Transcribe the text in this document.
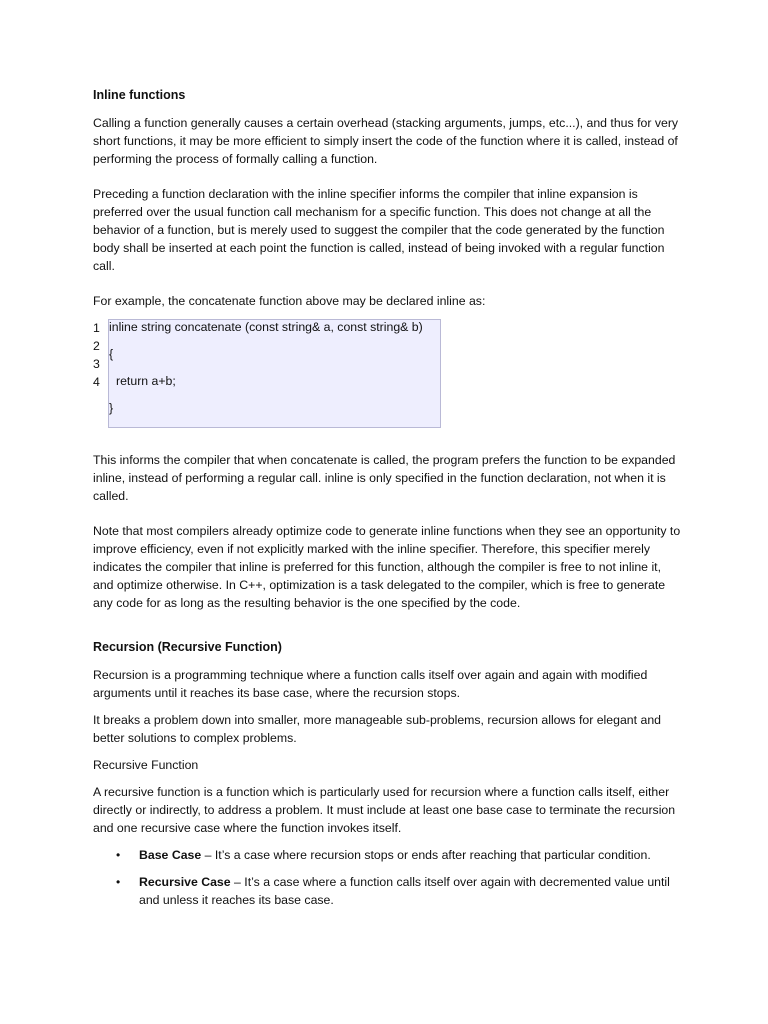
Inline functions

Calling a function generally causes a certain overhead (stacking arguments, jumps, etc...), and thus for very short functions, it may be more efficient to simply insert the code of the function where it is called, instead of performing the process of formally calling a function.

Preceding a function declaration with the inline specifier informs the compiler that inline expansion is preferred over the usual function call mechanism for a specific function. This does not change at all the behavior of a function, but is merely used to suggest the compiler that the code generated by the function body shall be inserted at each point the function is called, instead of being invoked with a regular function call.

For example, the concatenate function above may be declared inline as:

1
2
3
4
inline string concatenate (const string& a, const string& b)
{
return a+b;
}

This informs the compiler that when concatenate is called, the program prefers the function to be expanded inline, instead of performing a regular call. inline is only specified in the function declaration, not when it is called.

Note that most compilers already optimize code to generate inline functions when they see an opportunity to improve efficiency, even if not explicitly marked with the inline specifier. Therefore, this specifier merely indicates the compiler that inline is preferred for this function, although the compiler is free to not inline it, and optimize otherwise. In C++, optimization is a task delegated to the compiler, which is free to generate any code for as long as the resulting behavior is the one specified by the code.

Recursion (Recursive Function)

Recursion is a programming technique where a function calls itself over again and again with modified arguments until it reaches its base case, where the recursion stops.

It breaks a problem down into smaller, more manageable sub-problems, recursion allows for elegant and better solutions to complex problems.

Recursive Function

A recursive function is a function which is particularly used for recursion where a function calls itself, either directly or indirectly, to address a problem. It must include at least one base case to terminate the recursion and one recursive case where the function invokes itself.

• Base Case – It’s a case where recursion stops or ends after reaching that particular condition.
• Recursive Case – It’s a case where a function calls itself over again with decremented value until and unless it reaches its base case.
